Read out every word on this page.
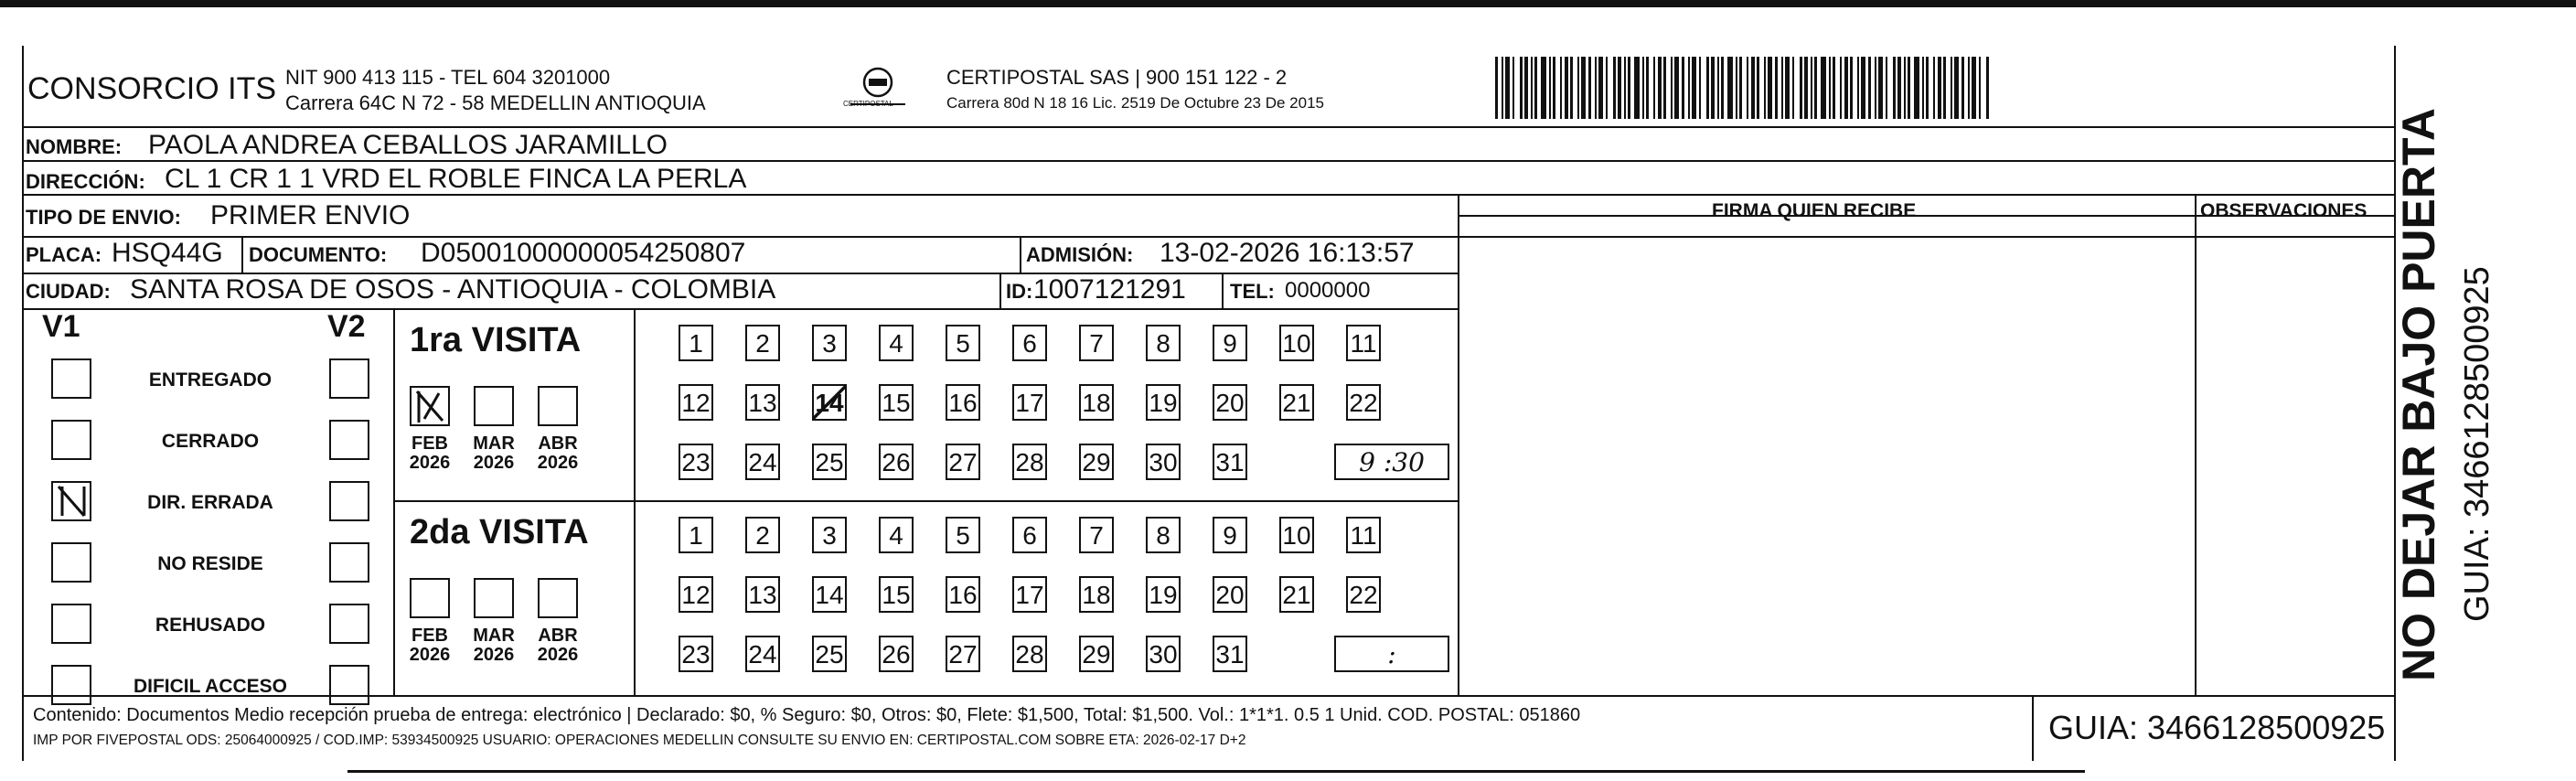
CONSORCIO ITS NIT 900 413 115 - TEL 604 3201000
Carrera 64C N 72 - 58 MEDELLIN ANTIOQUIA	CERTIPOSTAL
CERTIPOSTAL SAS | 900 151 122 - 2
Carrera 80d N 18 16 Lic. 2519 De Octubre 23 De 2015
NOMBRE: PAOLA ANDREA CEBALLOS JARAMILLO
DIRECCIÓN: CL 1 CR 1 1 VRD EL ROBLE FINCA LA PERLA
TIPO DE ENVIO: PRIMER ENVIO
PLACA: HSQ44G DOCUMENTO: D05001000000054250807	ADMISIÓN: 13-02-2026 16:13:57
CIUDAD: SANTA ROSA DE OSOS - ANTIOQUIA - COLOMBIA	ID: 1007121291 TEL: 0000000
FIRMA QUIEN RECIBE	OBSERVACIONES
V1	V2
ENTREGADO
CERRADO
DIR. ERRADA
NO RESIDE
REHUSADO
DIFICIL ACCESO
1ra VISITA
FEB
2026
MAR
2026
ABR
2026
1	2	3	4	5	6	7	8	9	10 11
12 13 14 15 16 17 18 19 20 21 22
23 24 25 26 27 28 29 30 31	9 :30
2da VISITA
FEB
2026
MAR
2026
ABR
2026
1	2	3	4	5	6	7	8	9	10 11
12 13 14 15 16 17 18 19 20 21 22
23 24 25 26 27 28 29 30 31	:
Contenido: Documentos Medio recepción prueba de entrega: electrónico | Declarado: $0, % Seguro: $0, Otros: $0, Flete: $1,500, Total: $1,500. Vol.: 1*1*1. 0.5 1 Unid. COD. POSTAL: 051860
IMP POR FIVEPOSTAL ODS: 25064000925 / COD.IMP: 53934500925 USUARIO: OPERACIONES MEDELLIN CONSULTE SU ENVIO EN: CERTIPOSTAL.COM SOBRE ETA: 2026-02-17 D+2	GUIA: 3466128500925
NO DEJAR BAJO PUERTA GUIA: 3466128500925
